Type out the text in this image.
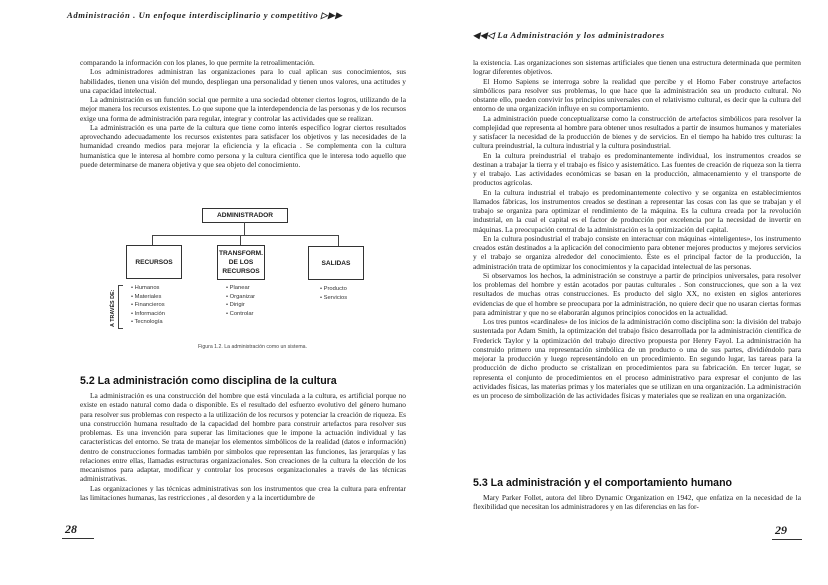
Administración . Un enfoque interdisciplinario y competitivo ▷▶▶

comparando la información con los planes, lo que permite la retroalimentación.

Los administradores administran las organizaciones para lo cual aplican sus conocimientos, sus habilidades, tienen una visión del mundo, despliegan una personalidad y tienen unos valores, una actitudes y una capacidad intelectual.

La administración es un función social que permite a una sociedad obtener ciertos logros, utilizando de la mejor manera los recursos existentes. Lo que supone que la interdependencia de las personas y de los recursos exige una forma de administración para regular, integrar y controlar las actividades que se realizan.

La administración es una parte de la cultura que tiene como interés específico lograr ciertos resultados aprovechando adecuadamente los recursos existentes para satisfacer los objetivos y las necesidades de la humanidad creando medios para mejorar la eficiencia y la eficacia . Se complementa con la cultura humanística que le interesa al hombre como persona y la cultura científica que le interesa todo aquello que puede determinarse de manera objetiva y que sea objeto del conocimiento.

ADMINISTRADOR
RECURSOS
TRANSFORM. DE LOS RECURSOS
SALIDAS
A TRAVÉS DE:
• Humanos
• Materiales
• Financieros
• Información
• Tecnología
• Planear
• Organizar
• Dirigir
• Controlar
• Producto
• Servicios
Figura 1.2. La administración como un sistema.
5.2 La administración como disciplina de la cultura

La administración es una construcción del hombre que está vinculada a la cultura, es artificial porque no existe en estado natural como dada o disponible. Es el resultado del esfuerzo evolutivo del género humano para resolver sus problemas con respecto a la utilización de los recursos y potenciar la creación de riqueza. Es una construcción humana resultado de la capacidad del hombre para construir artefactos para resolver sus problemas. Es una invención para superar las limitaciones que le impone la actuación individual y las características del entorno. Se trata de manejar los elementos simbólicos de la realidad (datos e información) dentro de construcciones formadas también por símbolos que representan las funciones, las jerarquías y las relaciones entre ellas, llamadas estructuras organizacionales. Son creaciones de la cultura la elección de los mecanismos para adaptar, modificar y controlar los procesos organizacionales a través de las técnicas administrativas.

Las organizaciones y las técnicas administrativas son los instrumentos que crea la cultura para enfrentar las limitaciones humanas, las restricciones , al desorden y a la incertidumbre de

28
◀◀◁ La Administración y los administradores

la existencia. Las organizaciones son sistemas artificiales que tienen una estructura determinada que permiten lograr diferentes objetivos.

El Homo Sapiens se interroga sobre la realidad que percibe y el Homo Faber construye artefactos simbólicos para resolver sus problemas, lo que hace que la administración sea un producto cultural. No obstante ello, pueden convivir los principios universales con el relativismo cultural, es decir que la cultura del entorno de una organización influye en su comportamiento.

La administración puede conceptualizarse como la construcción de artefactos simbólicos para resolver la complejidad que representa al hombre para obtener unos resultados a partir de insumos humanos y materiales y satisfacer la necesidad de la producción de bienes y de servicios. En el tiempo ha habido tres culturas: la cultura preindustrial, la cultura industrial y la cultura posindustrial.

En la cultura preindustrial el trabajo es predominantemente individual, los instrumentos creados se destinan a trabajar la tierra y el trabajo es físico y asistemático. Las fuentes de creación de riqueza son la tierra y el trabajo. Las actividades económicas se basan en la producción, almacenamiento y el transporte de productos agrícolas.

En la cultura industrial el trabajo es predominantemente colectivo y se organiza en establecimientos llamados fábricas, los instrumentos creados se destinan a representar las cosas con las que se trabajan y el trabajo se organiza para optimizar el rendimiento de la máquina. Es la cultura creada por la revolución industrial, en la cual el capital es el factor de producción por excelencia por la necesidad de invertir en máquinas. La preocupación central de la administración es la optimización del capital.

En la cultura posindustrial el trabajo consiste en interactuar con máquinas «inteligentes», los instrumento creados están destinados a la aplicación del conocimiento para obtener mejores productos y mejores servicios y el trabajo se organiza alrededor del conocimiento. Éste es el principal factor de la producción, la administración trata de optimizar los conocimientos y la capacidad intelectual de las personas.

Si observamos los hechos, la administración se construye a partir de principios universales, para resolver los problemas del hombre y están acotados por pautas culturales . Son construcciones, que son a la vez resultados de muchas otras construcciones. Es producto del siglo XX, no existen en siglos anteriores evidencias de que el hombre se preocupara por la administración, no quiere decir que no usaran ciertas formas para administrar y que no se elaborarán algunos principios conocidos en la actualidad.

Los tres puntos «cardinales» de los inicios de la administración como disciplina son: la división del trabajo sustentada por Adam Smith, la optimización del trabajo físico desarrollada por la administración científica de Frederick Taylor y la optimización del trabajo directivo propuesta por Henry Fayol. La administración ha construido primero una representación simbólica de un producto o una de sus partes, dividiéndolo para mejorar la producción y luego representándolo en un procedimiento. En segundo lugar, las tareas para la producción de dicho producto se cristalizan en procedimientos para su fabricación. En tercer lugar, se representa el conjunto de procedimientos en el proceso administrativo para expresar el conjunto de las actividades físicas, las materias primas y los materiales que se utilizan en una organización. La administración es un proceso de simbolización de las actividades físicas y materiales que se realizan en una organización.

5.3 La administración y el comportamiento humano

Mary Parker Follet, autora del libro Dynamic Organization en 1942, que enfatiza en la necesidad de la flexibilidad que necesitan los administradores y en las diferencias en las for-

29
